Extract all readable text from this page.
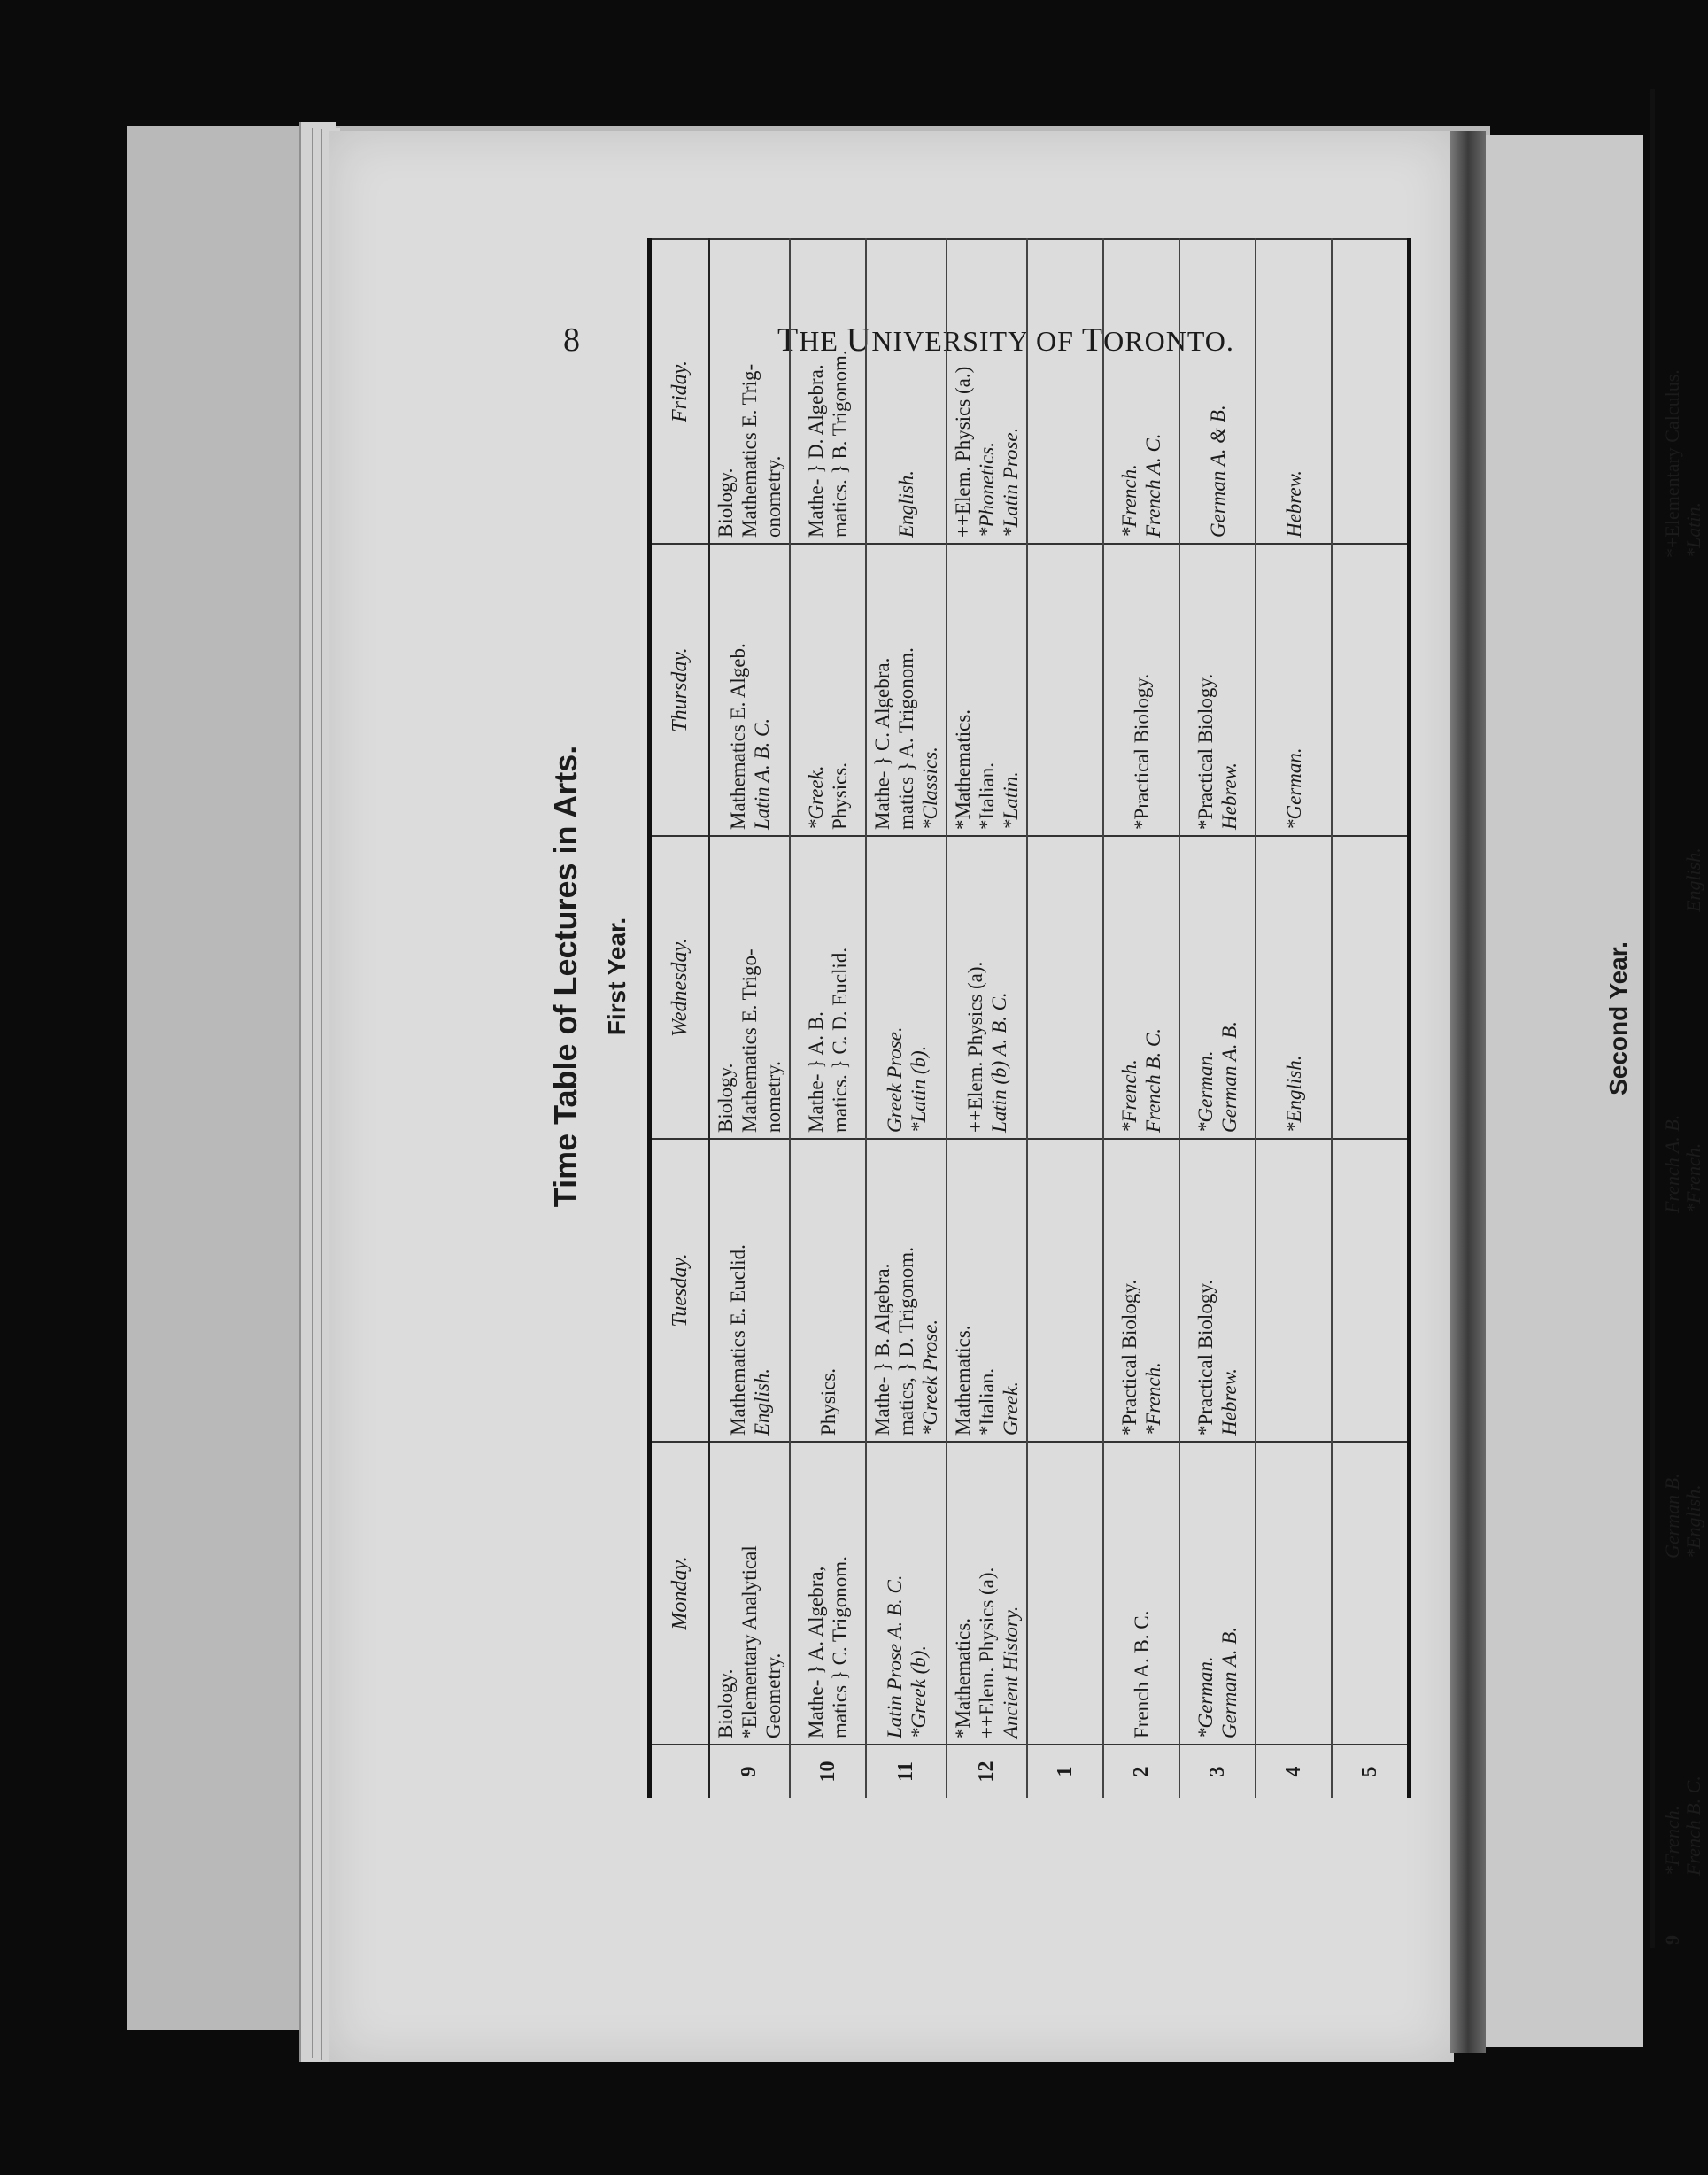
8	THE UNIVERSITY OF TORONTO.
Time Table of Lectures in Arts. First Year.
	Monday.	Tuesday.	Wednesday.	Thursday.	Friday.
9	Biology. *Elementary Analytical Geometry.	Mathematics E. Euclid. English.	Biology. Mathematics E. Trigo- nometry.	Mathematics E. Algeb. Latin A. B. C.	Biology. Mathematics E. Trig- onometry.

10	Mathe- } A. Algebra, matics } C. Trigonom.	Physics.	Mathe- } A. B. matics. } C. D. Euclid.	*Greek. Physics.	Mathe- } D. Algebra. matics. } B. Trigonom.

11	Latin Prose A. B. C. *Greek (b).	Mathe- } B. Algebra. matics, } D. Trigonom. *Greek Prose.	Greek Prose. *Latin (b).	Mathe- } C. Algebra. matics } A. Trigonom. *Classics.	English.

12	*Mathematics. ++Elem. Physics (a). Ancient History.	Mathematics. *Italian. Greek.	++Elem. Physics (a). Latin (b) A. B. C.	*Mathematics. *Italian. *Latin.	++Elem. Physics (a.) *Phonetics. *Latin Prose.

1					
2	French A. B. C.	*Practical Biology. *French.	*French. French B. C.	*Practical Biology.	*French. French A. C.

3	*German. German A. B.	*Practical Biology. Hebrew.	*German. German A. B.	*Practical Biology. Hebrew.	German A. & B.

4			*English.	*German.	Hebrew.

5					
Second Year.
9
*French. French B. C.
German B. *English.
French A. B. *French.
English.
*+Elementary Calculus. *Latin.
